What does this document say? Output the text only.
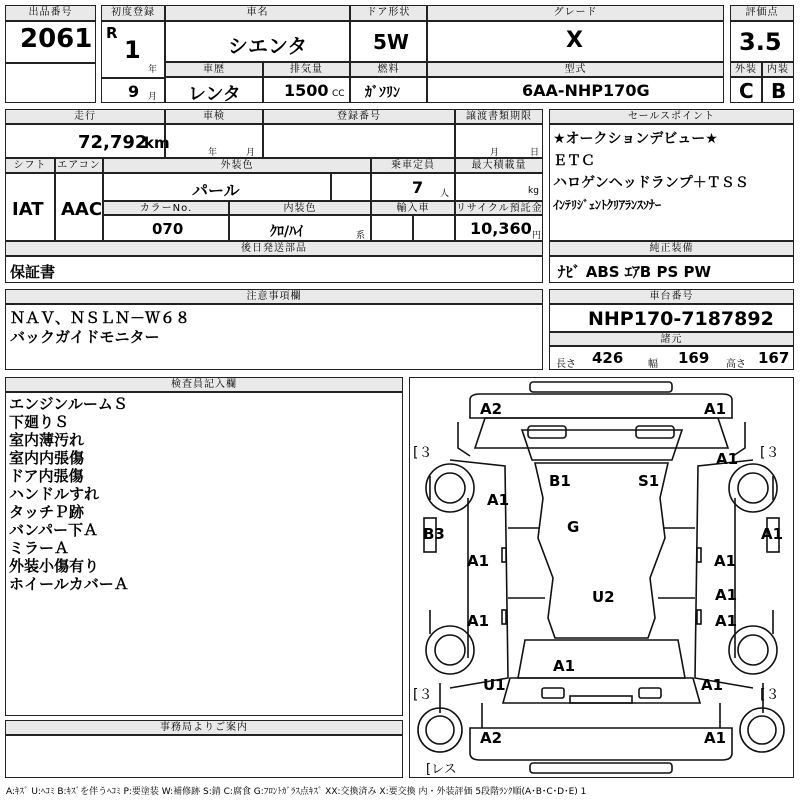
出品番号
2061
初度登録
R
1
年
9 月
車名
シエンタ
ドア形状
5W
グレード
X
評価点
3.5
車歴
レンタ
排気量
1500 CC
燃料
ｶﾞｿﾘﾝ
型式
6AA-NHP170G
外装
C
内装
B
走行
72,792
km
車検
年	月
登録番号	譲渡書類期限
月	日
シフト
IAT
エアコン
AAC
外装色
パール
乗車定員
7 人
最大積載量
kg
カラーNo.
070
内装色
ｸﾛ/ﾊｲ	系
輸入車	リサイクル預託金
10,360 円
後日発送部品
保証書
セールスポイント
★オークションデビュー★
ＥＴＣ
ハロゲンヘッドランプ＋ＴＳＳ
ｲﾝﾃﾘｼﾞｪﾝﾄｸﾘｱﾗﾝｽｿﾅｰ
純正装備
ﾅﾋﾞ ABS ｴｱB PS PW
注意事項欄
ＮＡＶ、ＮＳＬＮ－Ｗ６８
バックガイドモニター
車台番号
NHP170-7187892
諸元
長さ 426 幅 169 高さ 167
検査員記入欄
エンジンルームＳ
下廻りＳ
室内薄汚れ
室内内張傷
ドア内張傷
ハンドルすれ
タッチＰ跡
バンパー下Ａ
ミラーＡ
外装小傷有り
ホイールカバーＡ
事務局よりご案内
A2	A1
A1
A1
B1	S1
B3	A1
G
A1	A1
A1
A1
U2
A1
A1
A1
U1
A2	A1
[３	[３
[３	[３
[レス
A:ｷｽﾞ U:ﾍｺﾐ B:ｷｽﾞを伴うﾍｺﾐ P:要塗装 W:補修跡 S:錆 C:腐食 G:ﾌﾛﾝﾄｶﾞﾗｽ点ｷｽﾞ XX:交換済み X:要交換 内・外装評価 5段階ﾗﾝｸ順(A･B･C･D･E) 1
